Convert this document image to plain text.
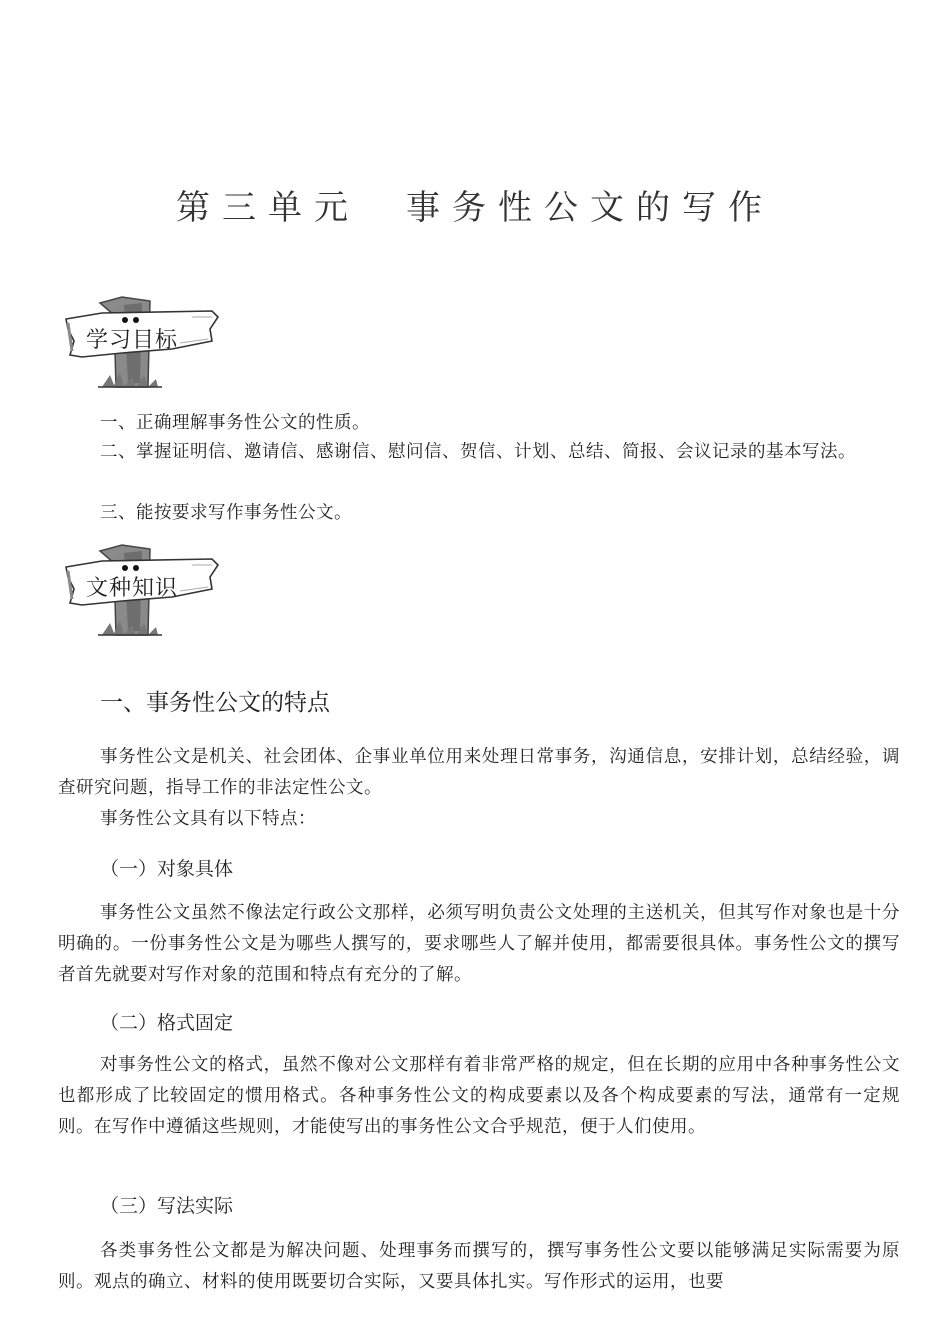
第三单元　事务性公文的写作
学习目标

一、正确理解事务性公文的性质。

二、掌握证明信、邀请信、感谢信、慰问信、贺信、计划、总结、简报、会议记录的基本写法。

三、能按要求写作事务性公文。

文种知识
一、事务性公文的特点

事务性公文是机关、社会团体、企事业单位用来处理日常事务，沟通信息，安排计划，总结经验，调查研究问题，指导工作的非法定性公文。

事务性公文具有以下特点：

（一）对象具体

事务性公文虽然不像法定行政公文那样，必须写明负责公文处理的主送机关，但其写作对象也是十分明确的。一份事务性公文是为哪些人撰写的，要求哪些人了解并使用，都需要很具体。事务性公文的撰写者首先就要对写作对象的范围和特点有充分的了解。

（二）格式固定

对事务性公文的格式，虽然不像对公文那样有着非常严格的规定，但在长期的应用中各种事务性公文也都形成了比较固定的惯用格式。各种事务性公文的构成要素以及各个构成要素的写法，通常有一定规则。在写作中遵循这些规则，才能使写出的事务性公文合乎规范，便于人们使用。

（三）写法实际

各类事务性公文都是为解决问题、处理事务而撰写的，撰写事务性公文要以能够满足实际需要为原则。观点的确立、材料的使用既要切合实际，又要具体扎实。写作形式的运用，也要
